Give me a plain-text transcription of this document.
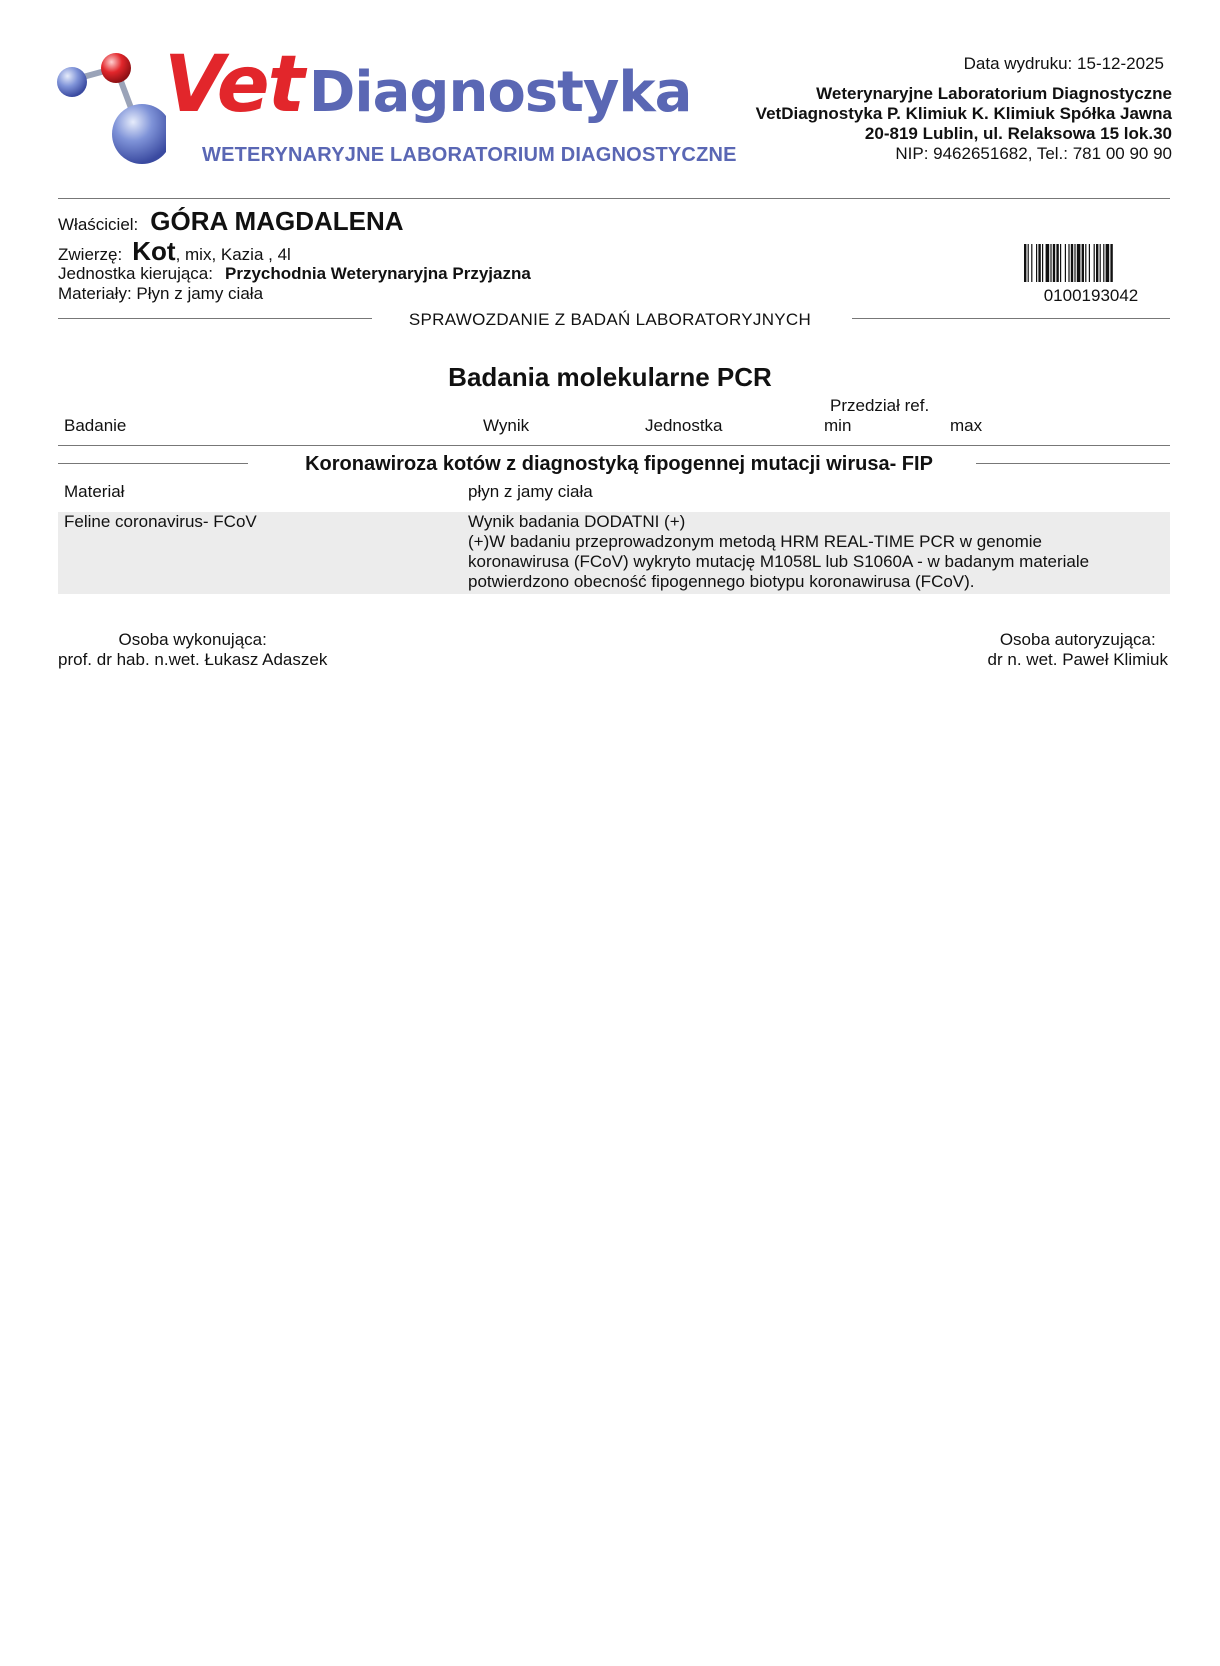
Vet Diagnostyka
WETERYNARYJNE LABORATORIUM DIAGNOSTYCZNE
Data wydruku: 15-12-2025
Weterynaryjne Laboratorium Diagnostyczne
VetDiagnostyka P. Klimiuk K. Klimiuk Spółka Jawna
20-819 Lublin, ul. Relaksowa 15 lok.30
NIP: 9462651682, Tel.: 781 00 90 90
Właściciel: GÓRA MAGDALENA
Zwierzę: Kot, mix, Kazia , 4l
Jednostka kierująca: Przychodnia Weterynaryjna Przyjazna
Materiały: Płyn z jamy ciała	0100193042
SPRAWOZDANIE Z BADAŃ LABORATORYJNYCH
Badania molekularne PCR
Przedział ref.
Badanie	Wynik	Jednostka	min	max
Koronawiroza kotów z diagnostyką fipogennej mutacji wirusa- FIP
Materiał	płyn z jamy ciała
Feline coronavirus- FCoV	Wynik badania DODATNI (+)
(+)W badaniu przeprowadzonym metodą HRM REAL-TIME PCR w genomie
koronawirusa (FCoV) wykryto mutację M1058L lub S1060A - w badanym materiale
potwierdzono obecność fipogennego biotypu koronawirusa (FCoV).
Osoba wykonująca:
prof. dr hab. n.wet. Łukasz Adaszek
Osoba autoryzująca:
dr n. wet. Paweł Klimiuk
